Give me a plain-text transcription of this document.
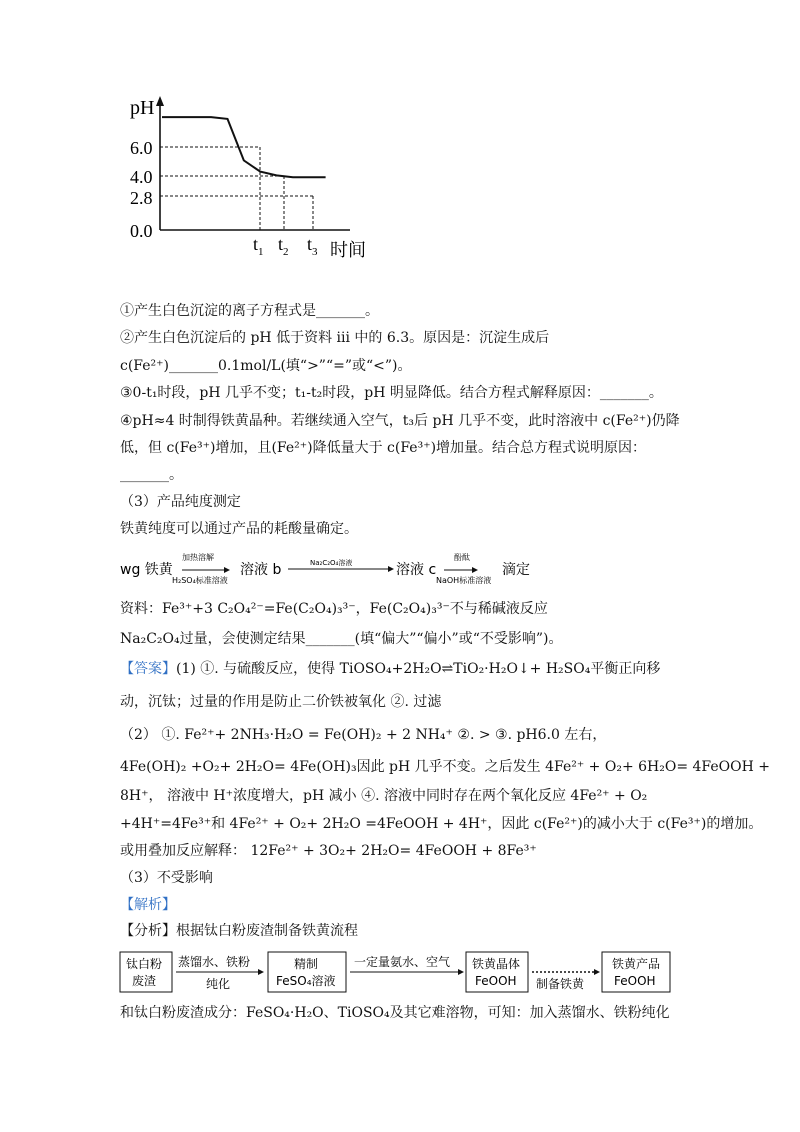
pH
时间
6.0
4.0
2.8
0.0
$t_1$ $t_2$ $t_3$
①产生白色沉淀的离子方程式是_______。
②产生白色沉淀后的 pH 低于资料 iii 中的 6.3。原因是：沉淀生成后
c(Fe²⁺)_______0.1mol/L(填“>”“=”或“<”)。
③0-t₁时段，pH 几乎不变；t₁-t₂时段，pH 明显降低。结合方程式解释原因：_______。
④pH≈4 时制得铁黄晶种。若继续通入空气，t₃后 pH 几乎不变，此时溶液中 c(Fe²⁺)仍降
低，但 c(Fe³⁺)增加，且(Fe²⁺)降低量大于 c(Fe³⁺)增加量。结合总方程式说明原因：
_______。
（3）产品纯度测定
铁黄纯度可以通过产品的耗酸量确定。
wg 铁黄
加热溶解
H₂SO₄标准溶液
溶液 b	Na₂C₂O₄溶液	溶液 c
酚酞
NaOH标准溶液
滴定
资料：Fe³⁺+3 C₂O₄²⁻=Fe(C₂O₄)₃³⁻，Fe(C₂O₄)₃³⁻不与稀碱液反应
Na₂C₂O₄过量，会使测定结果_______(填“偏大”“偏小”或“不受影响”)。
【答案】(1) ①. 与硫酸反应，使得 TiOSO₄+2H₂O⇌TiO₂·H₂O↓+ H₂SO₄平衡正向移
动，沉钛；过量的作用是防止二价铁被氧化 ②. 过滤
（2） ①. Fe²⁺+ 2NH₃·H₂O = Fe(OH)₂ + 2 NH₄⁺ ②. > ③. pH6.0 左右，
4Fe(OH)₂ +O₂+ 2H₂O= 4Fe(OH)₃因此 pH 几乎不变。之后发生 4Fe²⁺ + O₂+ 6H₂O= 4FeOOH +
8H⁺， 溶液中 H⁺浓度增大，pH 减小 ④. 溶液中同时存在两个氧化反应 4Fe²⁺ + O₂
+4H⁺=4Fe³⁺和 4Fe²⁺ + O₂+ 2H₂O =4FeOOH + 4H⁺，因此 c(Fe²⁺)的减小大于 c(Fe³⁺)的增加。
或用叠加反应解释： 12Fe²⁺ + 3O₂+ 2H₂O= 4FeOOH + 8Fe³⁺
（3）不受影响
【解析】
【分析】根据钛白粉废渣制备铁黄流程
钛白粉
废渣
蒸馏水、铁粉
纯化
精制
FeSO₄溶液
一定量氨水、空气 铁黄晶体
FeOOH 制备铁黄
铁黄产品
FeOOH
和钛白粉废渣成分：FeSO₄·H₂O、TiOSO₄及其它难溶物，可知：加入蒸馏水、铁粉纯化
